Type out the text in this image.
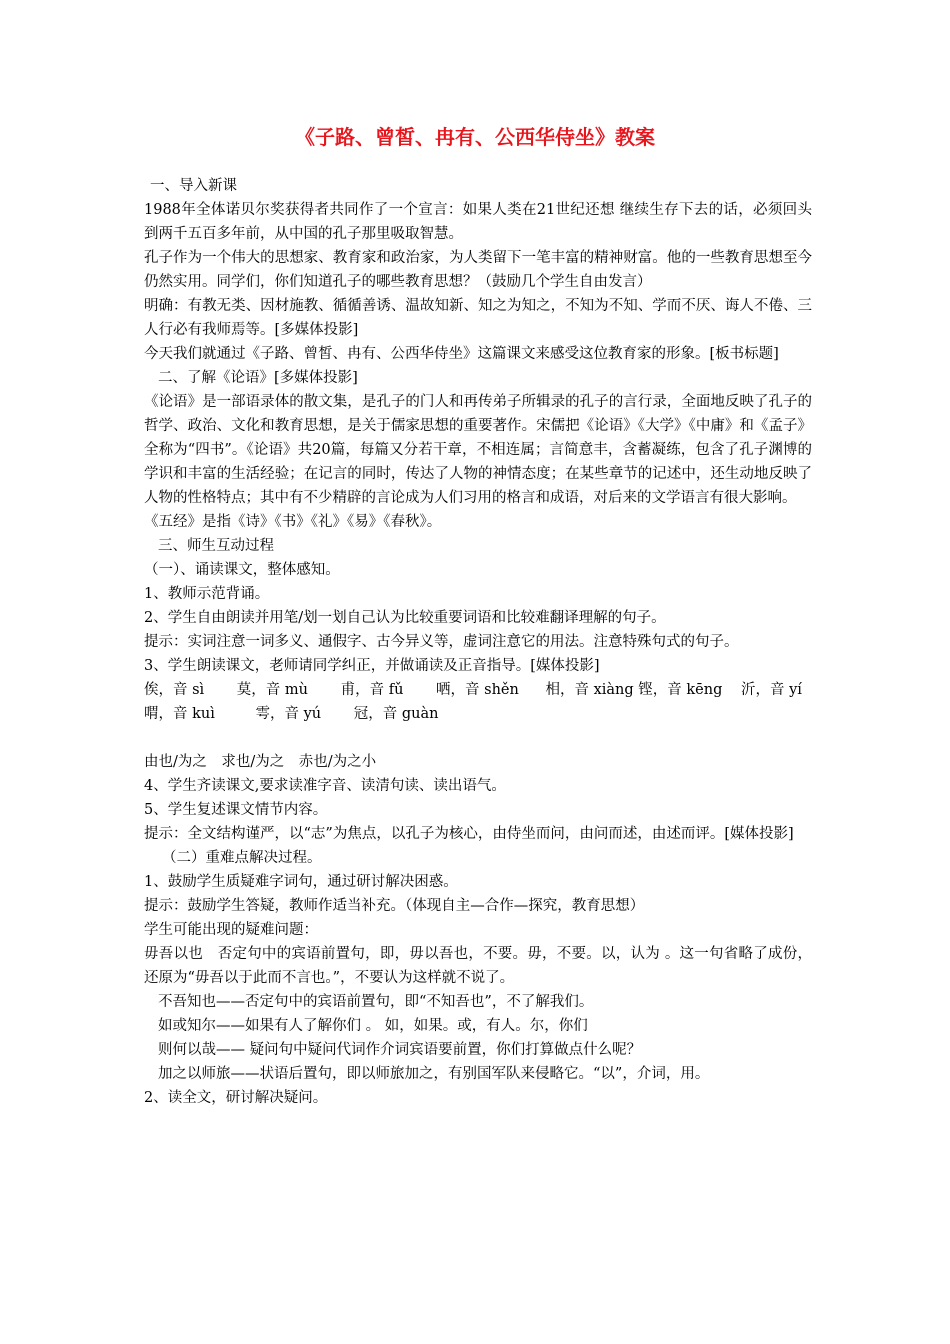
《子路、曾皙、冉有、公西华侍坐》教案

一、导入新课

1988年全体诺贝尔奖获得者共同作了一个宣言：如果人类在21世纪还想 继续生存下去的话，必须回头到两千五百多年前，从中国的孔子那里吸取智慧。

孔子作为一个伟大的思想家、教育家和政治家，为人类留下一笔丰富的精神财富。他的一些教育思想至今仍然实用。同学们，你们知道孔子的哪些教育思想？（鼓励几个学生自由发言）

明确：有教无类、因材施教、循循善诱、温故知新、知之为知之，不知为不知、学而不厌、诲人不倦、三人行必有我师焉等。[多媒体投影]

今天我们就通过《子路、曾皙、冉有、公西华侍坐》这篇课文来感受这位教育家的形象。[板书标题]

二、了解《论语》[多媒体投影]

《论语》是一部语录体的散文集，是孔子的门人和再传弟子所辑录的孔子的言行录，全面地反映了孔子的哲学、政治、文化和教育思想，是关于儒家思想的重要著作。宋儒把《论语》《大学》《中庸》和《孟子》全称为“四书”。《论语》共20篇，每篇又分若干章，不相连属；言简意丰，含蓄凝练，包含了孔子渊博的学识和丰富的生活经验；在记言的同时，传达了人物的神情态度；在某些章节的记述中，还生动地反映了人物的性格特点；其中有不少精辟的言论成为人们习用的格言和成语，对后来的文学语言有很大影响。

《五经》是指《诗》《书》《礼》《易》《春秋》。

三、师生互动过程

（一）、诵读课文，整体感知。

1、教师示范背诵。

2、学生自由朗读并用笔/划一划自己认为比较重要词语和比较难翻译理解的句子。

提示：实词注意一词多义、通假字、古今异义等，虚词注意它的用法。注意特殊句式的句子。

3、学生朗读课文，老师请同学纠正，并做诵读及正音指导。[媒体投影]

俟，音 sì 莫，音 mù 甫，音 fǔ 哂，音 shěn 相，音 xiàng 铿，音 kēng 沂，音 yí

喟，音 kuì	雩，音 yú 冠，音 guàn

由也/为之　求也/为之　赤也/为之小

4、学生齐读课文,要求读准字音、读清句读、读出语气。

5、学生复述课文情节内容。

提示：全文结构谨严，以“志”为焦点，以孔子为核心，由侍坐而问，由问而述，由述而评。[媒体投影]

（二）重难点解决过程。

1、鼓励学生质疑难字词句，通过研讨解决困惑。

提示：鼓励学生答疑，教师作适当补充。（体现自主—合作—探究，教育思想）

学生可能出现的疑难问题：

毋吾以也　否定句中的宾语前置句，即，毋以吾也，不要。毋，不要。以，认为 。这一句省略了成份，还原为“毋吾以于此而不言也。”，不要认为这样就不说了。

不吾知也——否定句中的宾语前置句，即“不知吾也”，不了解我们。

如或知尔——如果有人了解你们 。 如，如果。或，有人。尔，你们

则何以哉—— 疑问句中疑问代词作介词宾语要前置，你们打算做点什么呢？

加之以师旅——状语后置句，即以师旅加之，有别国军队来侵略它。“以”，介词，用。

2、读全文，研讨解决疑问。
